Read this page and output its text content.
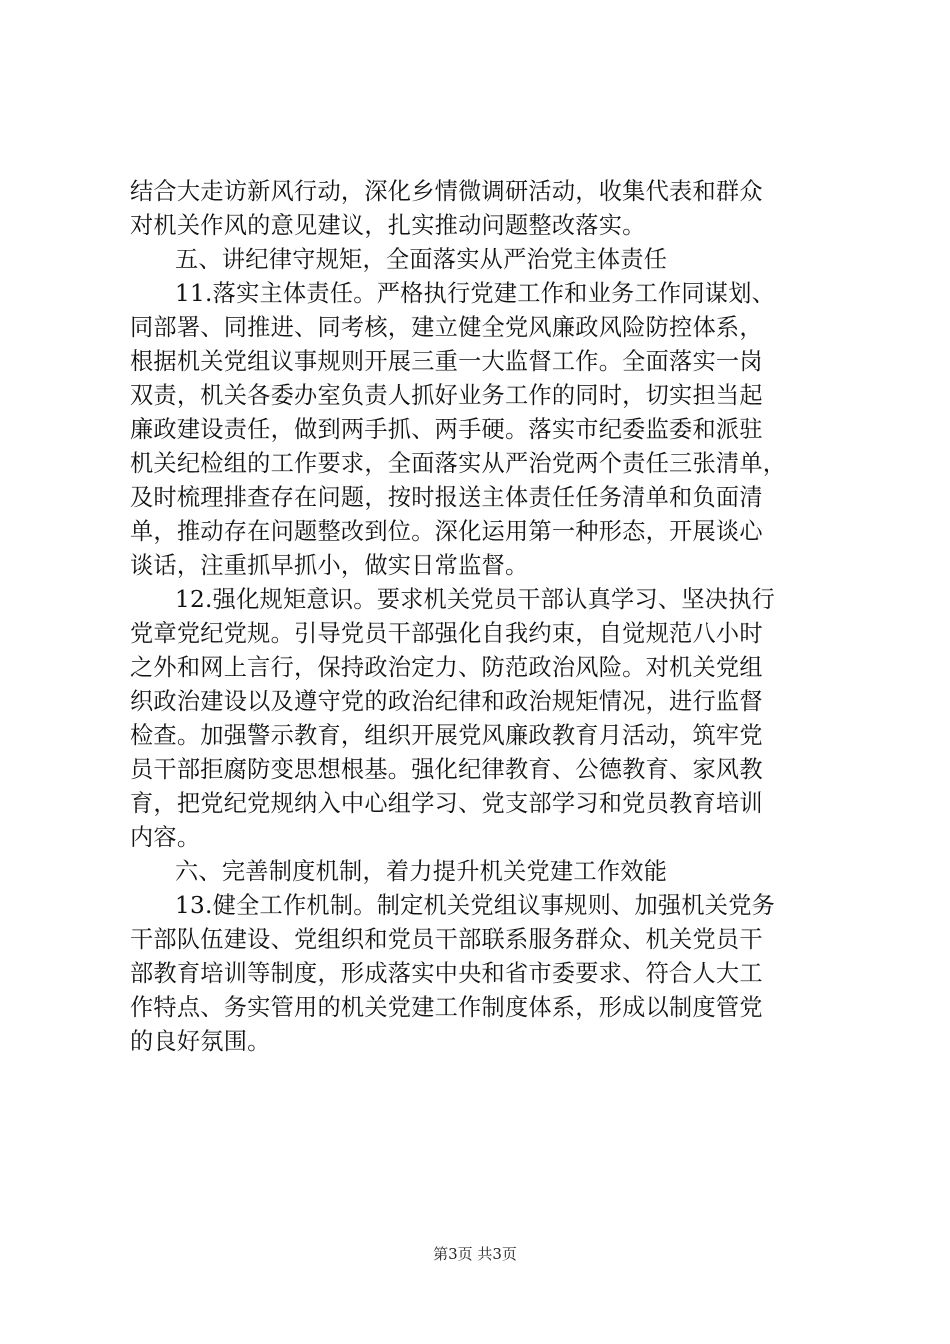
结合大走访新风行动，深化乡情微调研活动，收集代表和群众
对机关作风的意见建议，扎实推动问题整改落实。
五、讲纪律守规矩，全面落实从严治党主体责任
11.落实主体责任。严格执行党建工作和业务工作同谋划、
同部署、同推进、同考核，建立健全党风廉政风险防控体系，
根据机关党组议事规则开展三重一大监督工作。全面落实一岗
双责，机关各委办室负责人抓好业务工作的同时，切实担当起
廉政建设责任，做到两手抓、两手硬。落实市纪委监委和派驻
机关纪检组的工作要求，全面落实从严治党两个责任三张清单，
及时梳理排查存在问题，按时报送主体责任任务清单和负面清
单，推动存在问题整改到位。深化运用第一种形态，开展谈心
谈话，注重抓早抓小，做实日常监督。
12.强化规矩意识。要求机关党员干部认真学习、坚决执行
党章党纪党规。引导党员干部强化自我约束，自觉规范八小时
之外和网上言行，保持政治定力、防范政治风险。对机关党组
织政治建设以及遵守党的政治纪律和政治规矩情况，进行监督
检查。加强警示教育，组织开展党风廉政教育月活动，筑牢党
员干部拒腐防变思想根基。强化纪律教育、公德教育、家风教
育，把党纪党规纳入中心组学习、党支部学习和党员教育培训
内容。
六、完善制度机制，着力提升机关党建工作效能
13.健全工作机制。制定机关党组议事规则、加强机关党务
干部队伍建设、党组织和党员干部联系服务群众、机关党员干
部教育培训等制度，形成落实中央和省市委要求、符合人大工
作特点、务实管用的机关党建工作制度体系，形成以制度管党
的良好氛围。
第3页 共3页
